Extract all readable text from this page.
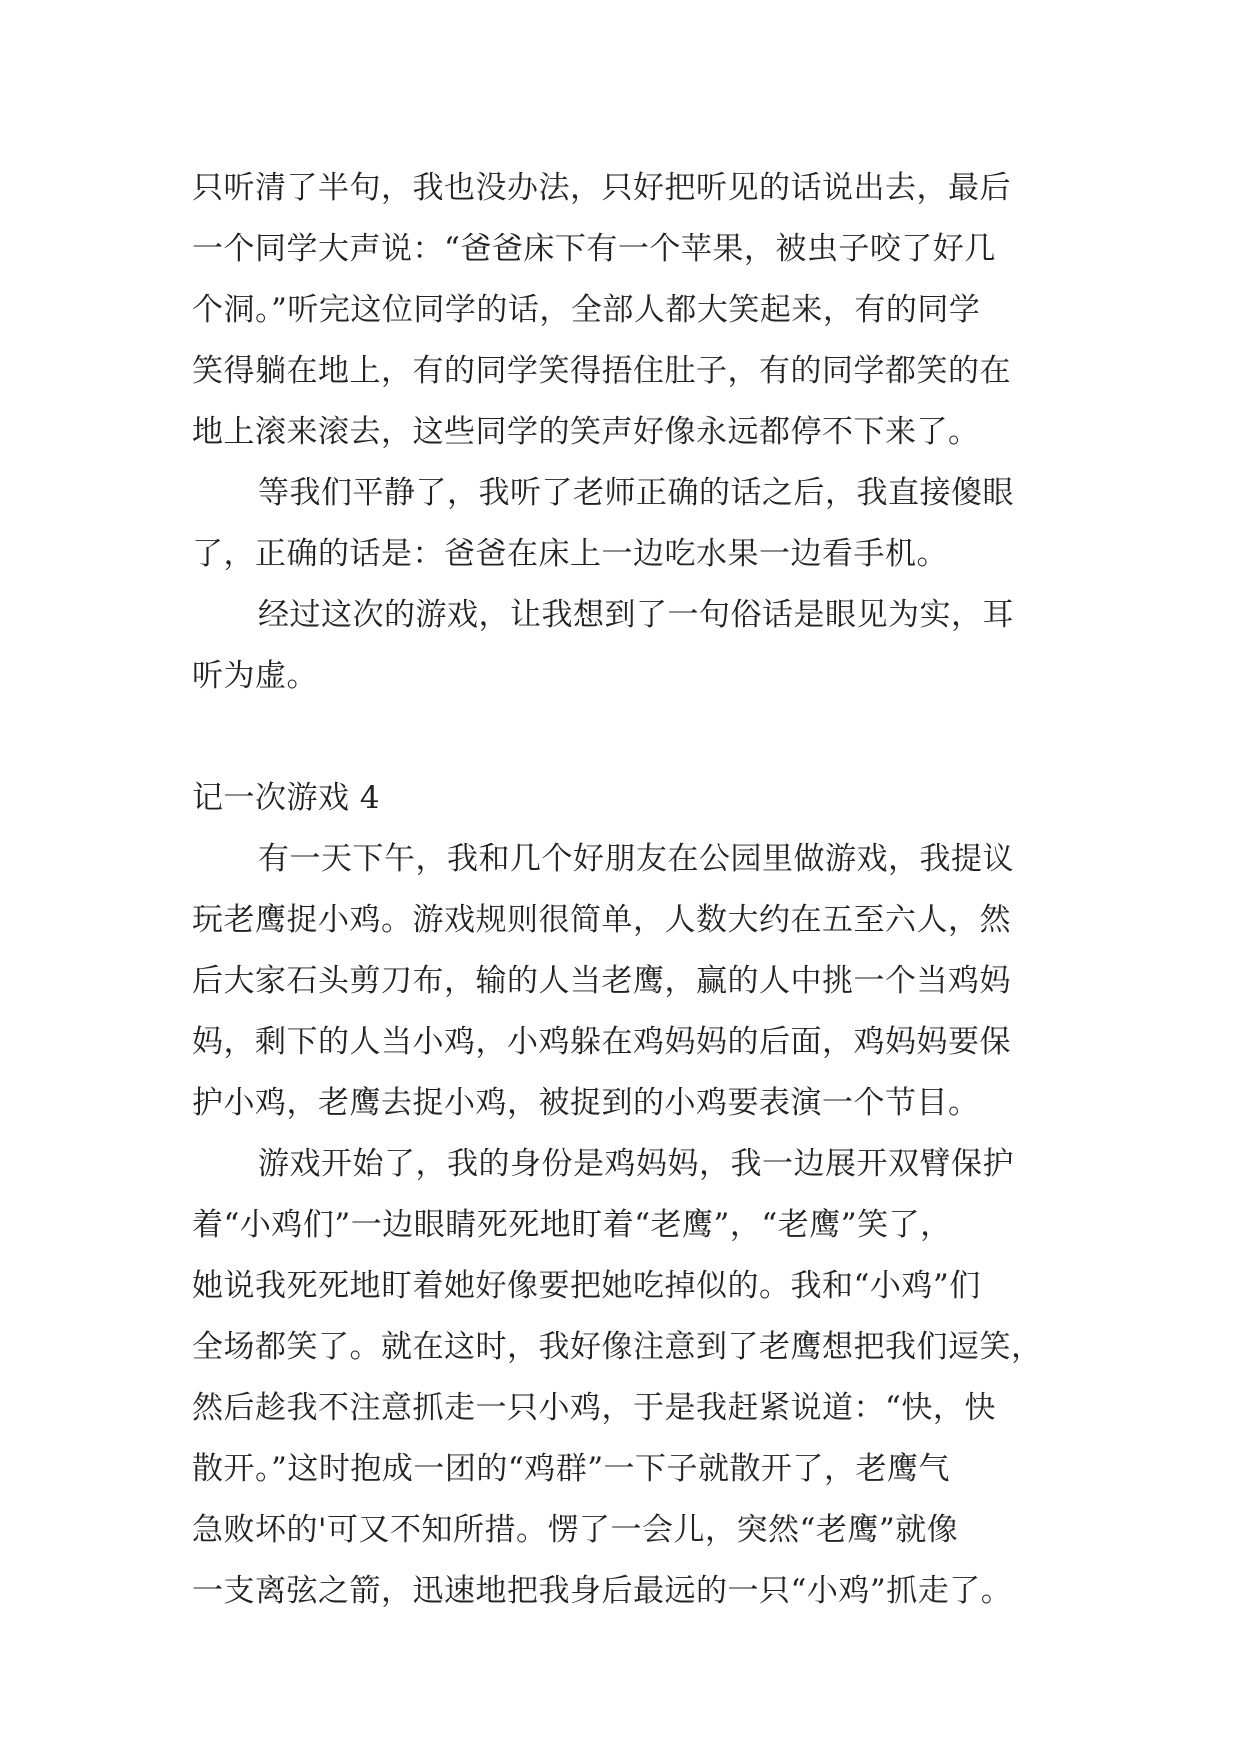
只听清了半句，我也没办法，只好把听见的话说出去，最后
一个同学大声说：“爸爸床下有一个苹果，被虫子咬了好几
个洞。”听完这位同学的话，全部人都大笑起来，有的同学
笑得躺在地上，有的同学笑得捂住肚子，有的同学都笑的在
地上滚来滚去，这些同学的笑声好像永远都停不下来了。
等我们平静了，我听了老师正确的话之后，我直接傻眼
了，正确的话是：爸爸在床上一边吃水果一边看手机。
经过这次的游戏，让我想到了一句俗话是眼见为实，耳
听为虚。
记一次游戏 4
有一天下午，我和几个好朋友在公园里做游戏，我提议
玩老鹰捉小鸡。游戏规则很简单，人数大约在五至六人，然
后大家石头剪刀布，输的人当老鹰，赢的人中挑一个当鸡妈
妈，剩下的人当小鸡，小鸡躲在鸡妈妈的后面，鸡妈妈要保
护小鸡，老鹰去捉小鸡，被捉到的小鸡要表演一个节目。
游戏开始了，我的身份是鸡妈妈，我一边展开双臂保护
着“小鸡们”一边眼睛死死地盯着“老鹰”，“老鹰”笑了，
她说我死死地盯着她好像要把她吃掉似的。我和“小鸡”们
全场都笑了。就在这时，我好像注意到了老鹰想把我们逗笑，
然后趁我不注意抓走一只小鸡，于是我赶紧说道：“快，快
散开。”这时抱成一团的“鸡群”一下子就散开了，老鹰气
急败坏的'可又不知所措。愣了一会儿，突然“老鹰”就像
一支离弦之箭，迅速地把我身后最远的一只“小鸡”抓走了。
